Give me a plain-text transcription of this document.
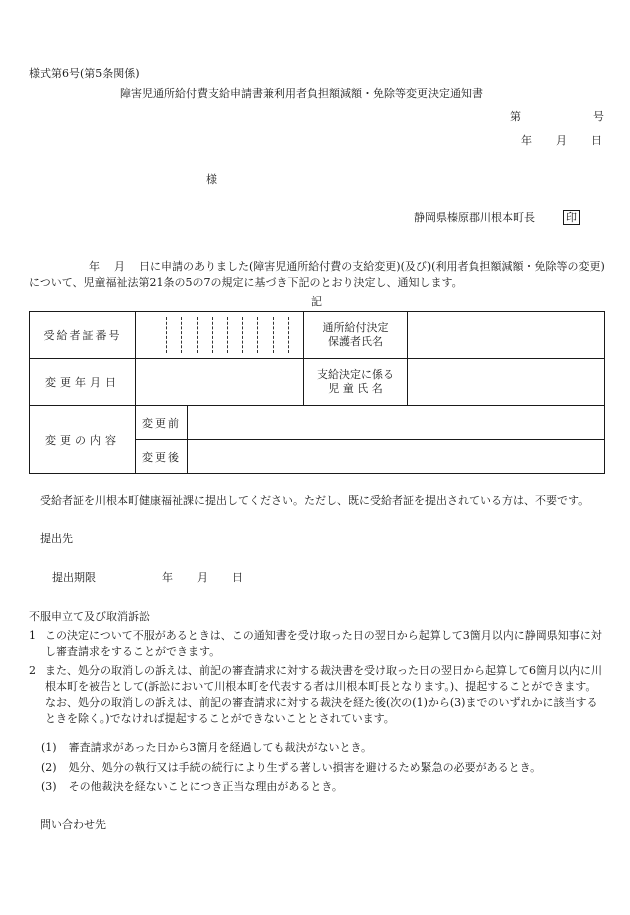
様式第6号(第5条関係)
障害児通所給付費支給申請書兼利用者負担額減額・免除等変更決定通知書
第	号
年 月 日
様
静岡県榛原郡川根本町長	印
年 月 日に申請のありました(障害児通所給付費の支給変更)(及び)(利用者負担額減額・免除等の変更)について、児童福祉法第21条の5の7の規定に基づき下記のとおり決定し、通知します。
記
受給者証番号			通所給付決定
保護者氏名	

変更年月日			支給決定に係る
児 童 氏 名	

変更の内容	変更前			
	変更後			
受給者証を川根本町健康福祉課に提出してください。ただし、既に受給者証を提出されている方は、不要です。
提出先
提出期限	年 月 日
不服申立て及び取消訴訟
1 この決定について不服があるときは、この通知書を受け取った日の翌日から起算して3箇月以内に静岡県知事に対し審査請求をすることができます。
2 また、処分の取消しの訴えは、前記の審査請求に対する裁決書を受け取った日の翌日から起算して6箇月以内に川根本町を被告として(訴訟において川根本町を代表する者は川根本町長となります。)、提起することができます。なお、処分の取消しの訴えは、前記の審査請求に対する裁決を経た後(次の(1)から(3)までのいずれかに該当するときを除く。)でなければ提起することができないこととされています。
(1) 審査請求があった日から3箇月を経過しても裁決がないとき。
(2) 処分、処分の執行又は手続の続行により生ずる著しい損害を避けるため緊急の必要があるとき。
(3) その他裁決を経ないことにつき正当な理由があるとき。
問い合わせ先
